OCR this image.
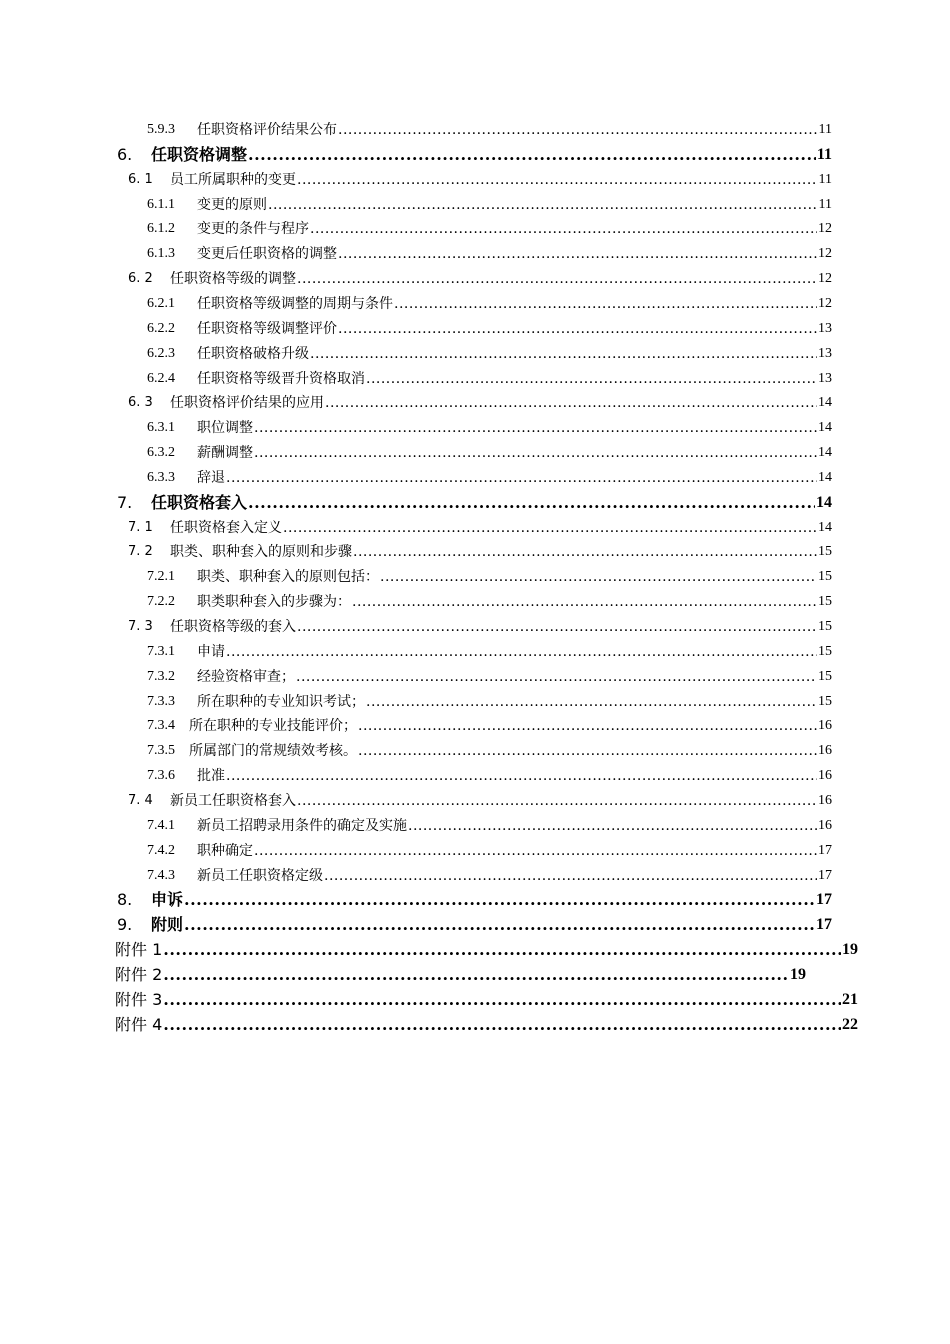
5.9.3	任职资格评价结果公布 .....	11
6.	任职资格调整 .....	11
6. 1	员工所属职种的变更 .....	11
6.1.1	变更的原则 .....	11
6.1.2	变更的条件与程序 .....	12
6.1.3	变更后任职资格的调整 .....	12
6. 2	任职资格等级的调整 .....	12
6.2.1	任职资格等级调整的周期与条件 .....	12
6.2.2	任职资格等级调整评价 .....	13
6.2.3	任职资格破格升级 .....	13
6.2.4	任职资格等级晋升资格取消 .....	13
6. 3	任职资格评价结果的应用 .....	14
6.3.1	职位调整 .....	14
6.3.2	薪酬调整 .....	14
6.3.3	辞退 .....	14
7.	任职资格套入 .....	14
7. 1	任职资格套入定义 .....	14
7. 2	职类、职种套入的原则和步骤 .....	15
7.2.1	职类、职种套入的原则包括： .....	15
7.2.2	职类职种套入的步骤为： .....	15
7. 3	任职资格等级的套入 .....	15
7.3.1	申请 .....	15
7.3.2	经验资格审查； .....	15
7.3.3	所在职种的专业知识考试； .....	15
7.3.4	所在职种的专业技能评价； .....	16
7.3.5	所属部门的常规绩效考核。 .....	16
7.3.6	批准 .....	16
7. 4	新员工任职资格套入 .....	16
7.4.1	新员工招聘录用条件的确定及实施 .....	16
7.4.2	职种确定 .....	17
7.4.3	新员工任职资格定级 .....	17
8.	申诉 .....	17
9.	附则 .....	17
附件 1 .....	19
附件 2 .....	19
附件 3 .....	21
附件 4 .....	22
